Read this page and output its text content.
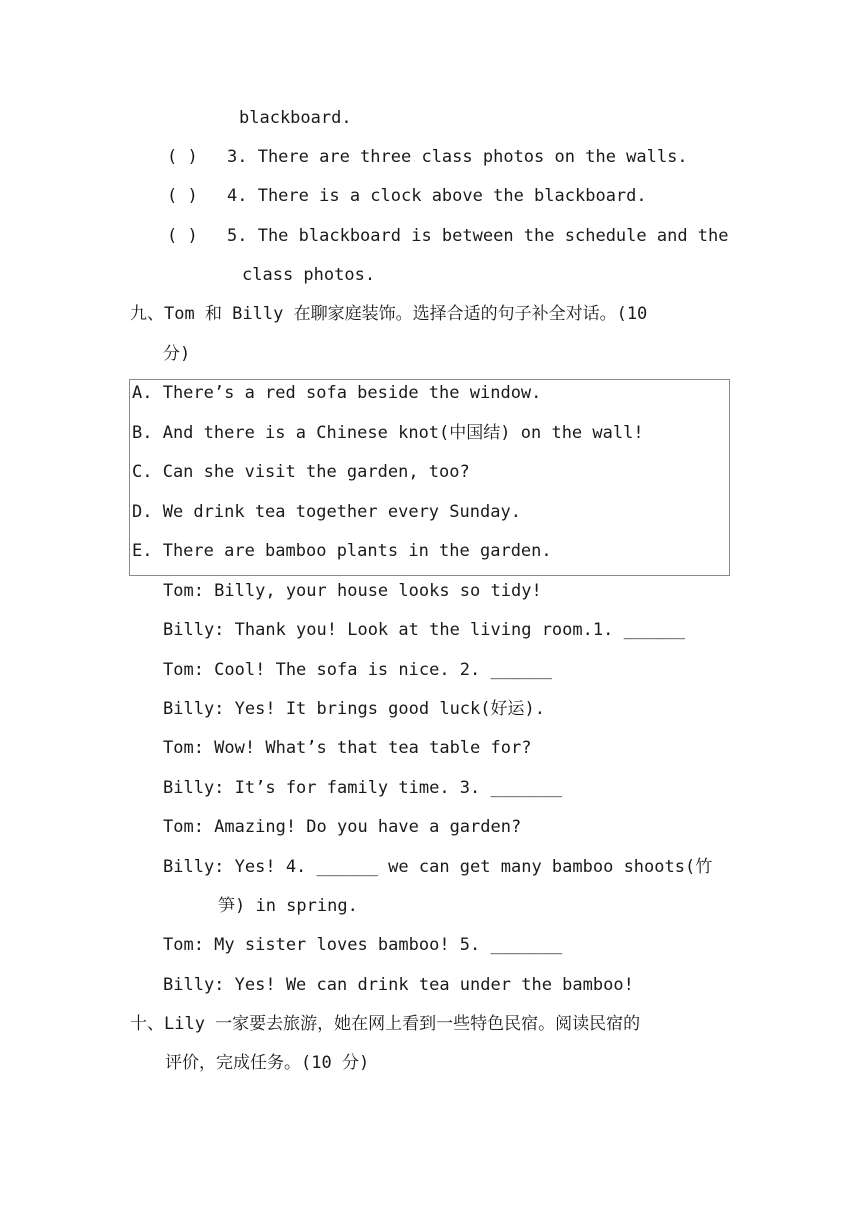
blackboard.
( ) 3. There are three class photos on the walls.
( ) 4. There is a clock above the blackboard.
( ) 5. The blackboard is between the schedule and the
class photos.
九、Tom 和 Billy 在聊家庭装饰。选择合适的句子补全对话。(10
分)
A. There’s a red sofa beside the window.
B. And there is a Chinese knot(中国结) on the wall!
C. Can she visit the garden, too?
D. We drink tea together every Sunday.
E. There are bamboo plants in the garden.
Tom: Billy, your house looks so tidy!
Billy: Thank you! Look at the living room.1. ______
Tom: Cool! The sofa is nice. 2. ______
Billy: Yes! It brings good luck(好运).
Tom: Wow! What’s that tea table for?
Billy: It’s for family time. 3. _______
Tom: Amazing! Do you have a garden?
Billy: Yes! 4. ______ we can get many bamboo shoots(竹
笋) in spring.
Tom: My sister loves bamboo! 5. _______
Billy: Yes! We can drink tea under the bamboo!
十、Lily 一家要去旅游，她在网上看到一些特色民宿。阅读民宿的
评价，完成任务。(10 分)
